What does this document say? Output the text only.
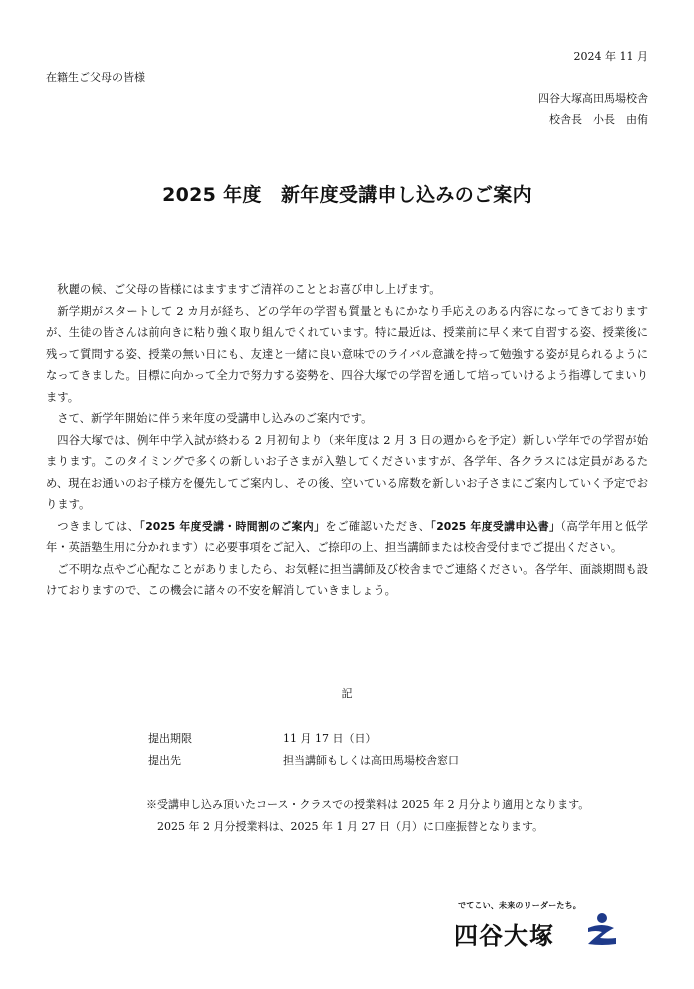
2024 年 11 月
在籍生ご父母の皆様
四谷大塚高田馬場校舎
校舎長　小長　由侑
2025 年度　新年度受講申し込みのご案内

秋麗の候、ご父母の皆様にはますますご清祥のこととお喜び申し上げます。

新学期がスタートして 2 カ月が経ち、どの学年の学習も質量ともにかなり手応えのある内容になってきておりますが、生徒の皆さんは前向きに粘り強く取り組んでくれています。特に最近は、授業前に早く来て自習する姿、授業後に残って質問する姿、授業の無い日にも、友達と一緒に良い意味でのライバル意識を持って勉強する姿が見られるようになってきました。目標に向かって全力で努力する姿勢を、四谷大塚での学習を通して培っていけるよう指導してまいります。

さて、新学年開始に伴う来年度の受講申し込みのご案内です。

四谷大塚では、例年中学入試が終わる 2 月初旬より（来年度は 2 月 3 日の週からを予定）新しい学年での学習が始まります。このタイミングで多くの新しいお子さまが入塾してくださいますが、各学年、各クラスには定員があるため、現在お通いのお子様方を優先してご案内し、その後、空いている席数を新しいお子さまにご案内していく予定でおります。

つきましては、「2025 年度受講・時間割のご案内」をご確認いただき、「2025 年度受講申込書」（高学年用と低学年・英語塾生用に分かれます）に必要事項をご記入、ご捺印の上、担当講師または校舎受付までご提出ください。

ご不明な点やご心配なことがありましたら、お気軽に担当講師及び校舎までご連絡ください。各学年、面談期間も設けておりますので、この機会に諸々の不安を解消していきましょう。

記
提出期限	11 月 17 日（日）
提出先	担当講師もしくは高田馬場校舎窓口
※受講申し込み頂いたコース・クラスでの授業料は 2025 年 2 月分より適用となります。
2025 年 2 月分授業料は、2025 年 1 月 27 日（月）に口座振替となります。
でてこい、未来のリーダーたち。
四谷大塚
